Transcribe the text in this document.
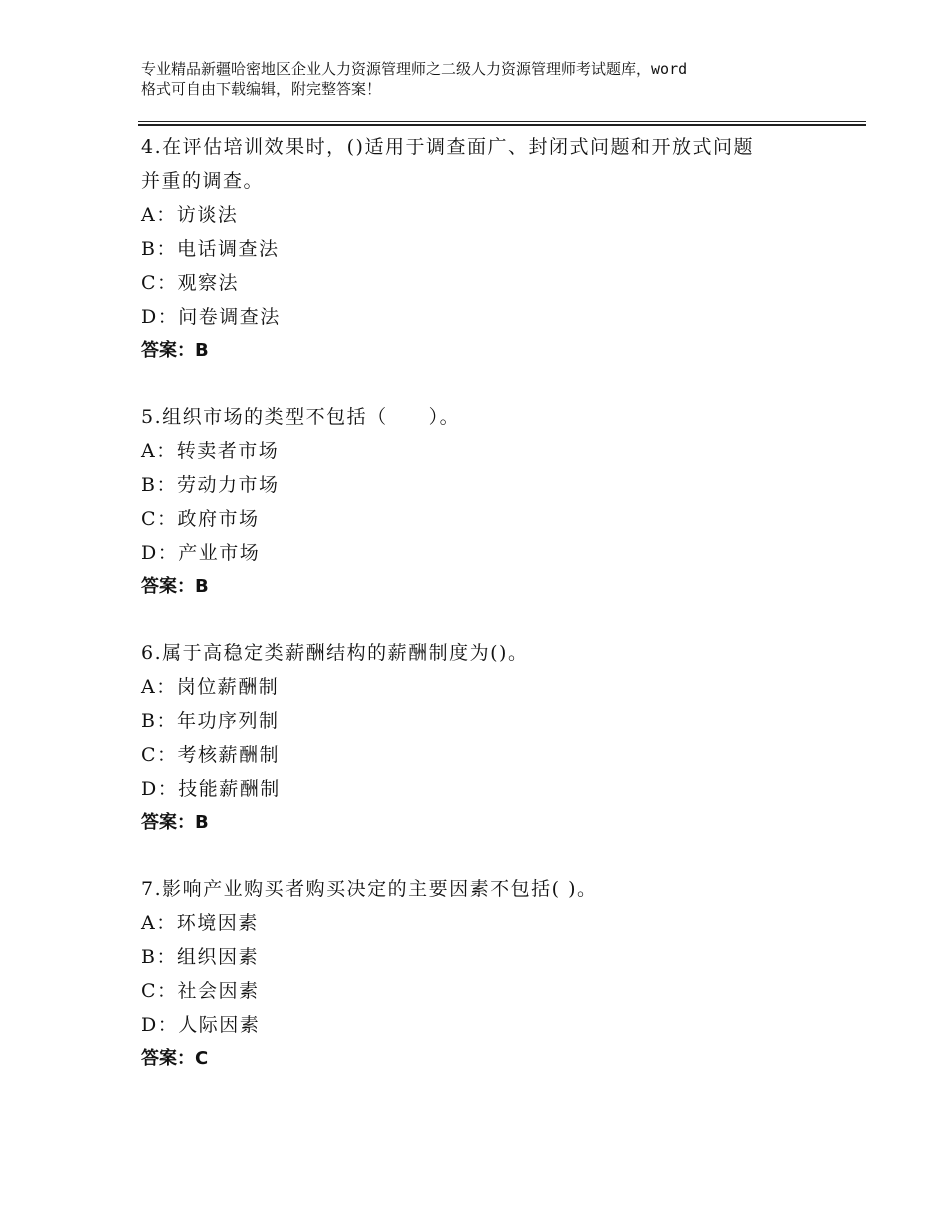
专业精品新疆哈密地区企业人力资源管理师之二级人力资源管理师考试题库，word
格式可自由下载编辑，附完整答案！
4.在评估培训效果时，()适用于调查面广、封闭式问题和开放式问题
并重的调查。
A：访谈法
B：电话调查法
C：观察法
D：问卷调查法
答案：B
5.组织市场的类型不包括（　　）。
A：转卖者市场
B：劳动力市场
C：政府市场
D：产业市场
答案：B
6.属于高稳定类薪酬结构的薪酬制度为()。
A：岗位薪酬制
B：年功序列制
C：考核薪酬制
D：技能薪酬制
答案：B
7.影响产业购买者购买决定的主要因素不包括( )。
A：环境因素
B：组织因素
C：社会因素
D：人际因素
答案：C
